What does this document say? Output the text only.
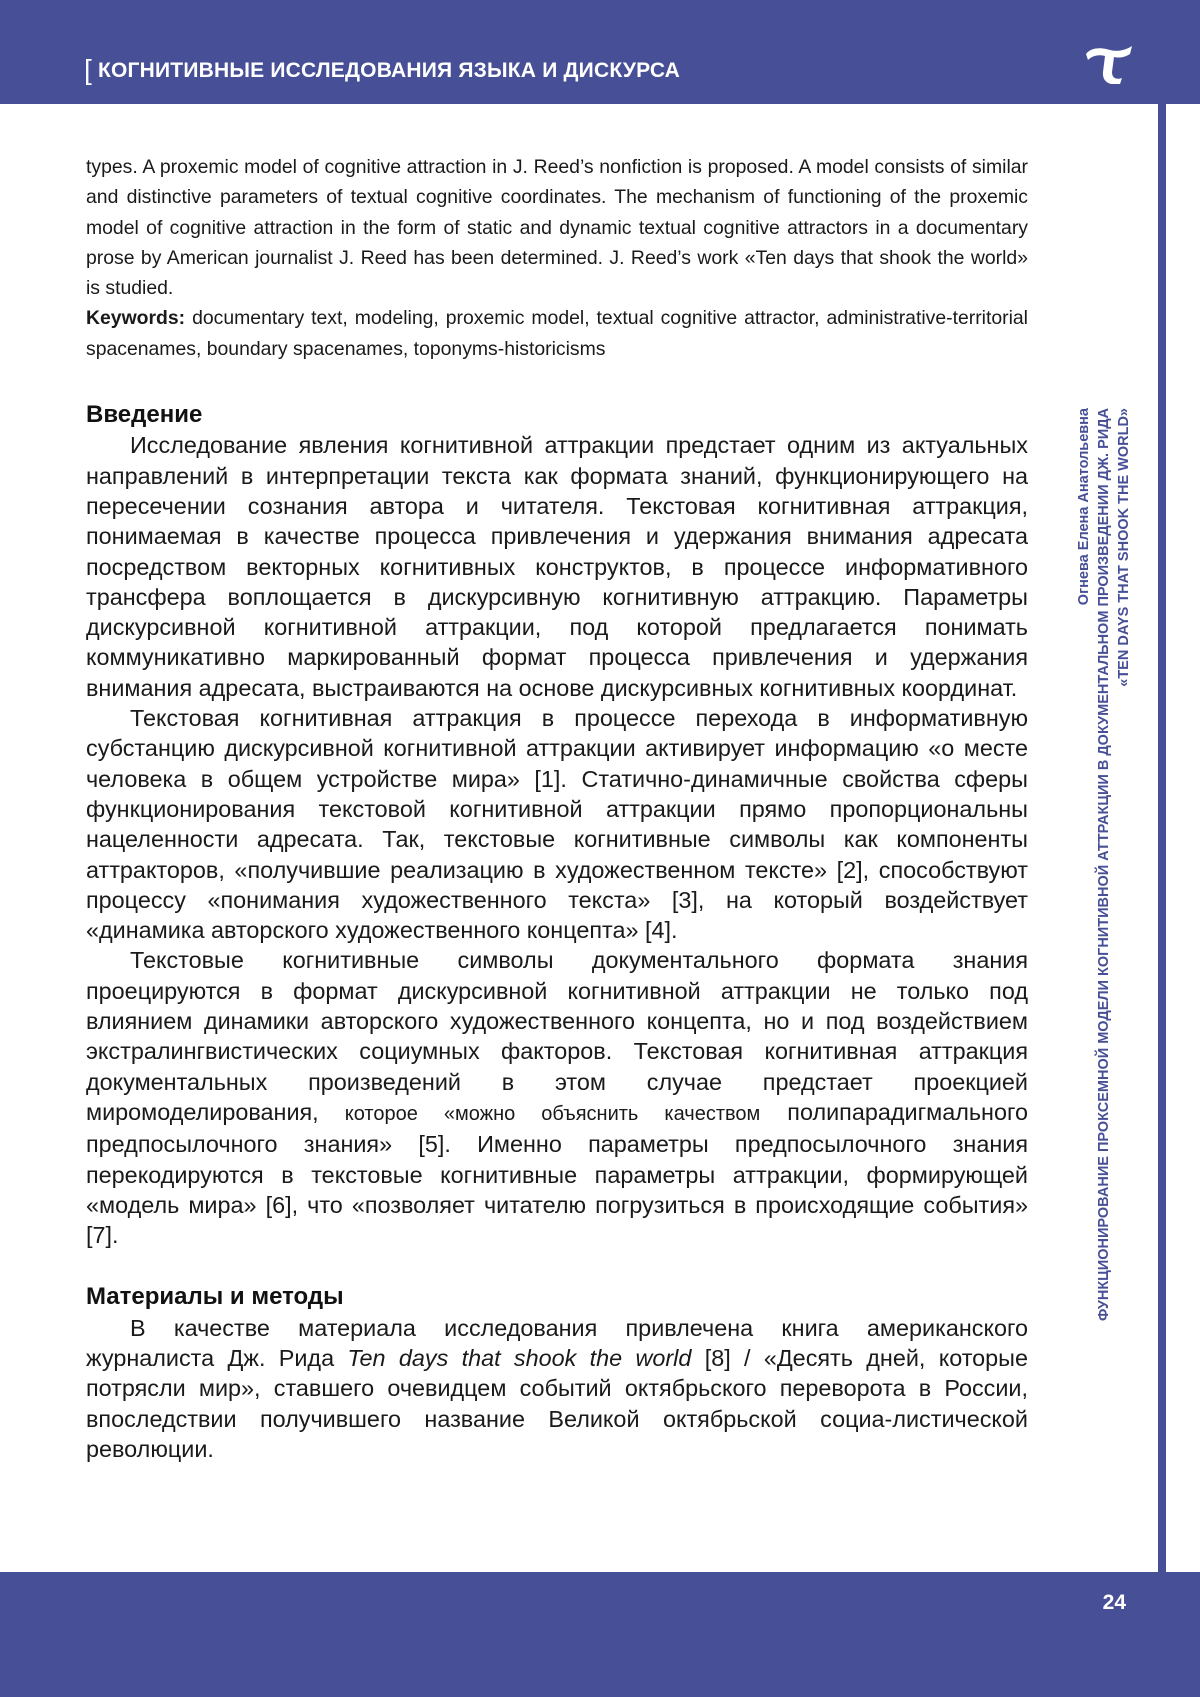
[ КОГНИТИВНЫЕ ИССЛЕДОВАНИЯ ЯЗЫКА И ДИСКУРСА
Огнева Елена Анатольевна ФУНКЦИОНИРОВАНИЕ ПРОКСЕМНОЙ МОДЕЛИ КОГНИТИВНОЙ АТТРАКЦИИ В ДОКУМЕНТАЛЬНОМ ПРОИЗВЕДЕНИИ ДЖ. РИДА «TEN DAYS THAT SHOOK THE WORLD»

types. A proxemic model of cognitive attraction in J. Reed’s nonfiction is proposed. A model consists of similar and distinctive parameters of textual cognitive coordinates. The mechanism of functioning of the proxemic model of cognitive attraction in the form of static and dynamic textual cognitive attractors in a documentary prose by American journalist J. Reed has been determined. J. Reed’s work «Ten days that shook the world» is studied.

Keywords: documentary text, modeling, proxemic model, textual cognitive attractor, administrative-territorial spacenames, boundary spacenames, toponyms-historicisms

Введение

Исследование явления когнитивной аттракции предстает одним из актуальных направлений в интерпретации текста как формата знаний, функционирующего на пересечении сознания автора и читателя. Текстовая когнитивная аттракция, понимаемая в качестве процесса привлечения и удержания внимания адресата посредством векторных когнитивных конструктов, в процессе информативного трансфера воплощается в дискурсивную когнитивную аттракцию. Параметры дискурсивной когнитивной аттракции, под которой предлагается понимать коммуникативно маркированный формат процесса привлечения и удержания внимания адресата, выстраиваются на основе дискурсивных когнитивных координат.

Текстовая когнитивная аттракция в процессе перехода в информативную субстанцию дискурсивной когнитивной аттракции активирует информацию «о месте человека в общем устройстве мира» [1]. Статично-динамичные свойства сферы функционирования текстовой когнитивной аттракции прямо пропорциональны нацеленности адресата. Так, текстовые когнитивные символы как компоненты аттракторов, «получившие реализацию в художественном тексте» [2], способствуют процессу «понимания художественного текста» [3], на который воздействует «динамика авторского художественного концепта» [4].

Текстовые когнитивные символы документального формата знания проецируются в формат дискурсивной когнитивной аттракции не только под влиянием динамики авторского художественного концепта, но и под воздействием экстралингвистических социумных факторов. Текстовая когнитивная аттракция документальных произведений в этом случае предстает проекцией миромоделирования, которое «можно объяснить качеством полипарадигмального предпосылочного знания» [5]. Именно параметры предпосылочного знания перекодируются в текстовые когнитивные параметры аттракции, формирующей «модель мира» [6], что «позволяет читателю погрузиться в происходящие события» [7].

Материалы и методы

В качестве материала исследования привлечена книга американского журналиста Дж. Рида Ten days that shook the world [8] / «Десять дней, которые потрясли мир», ставшего очевидцем событий октябрьского переворота в России, впоследствии получившего название Великой октябрьской социа-листической революции.

24
